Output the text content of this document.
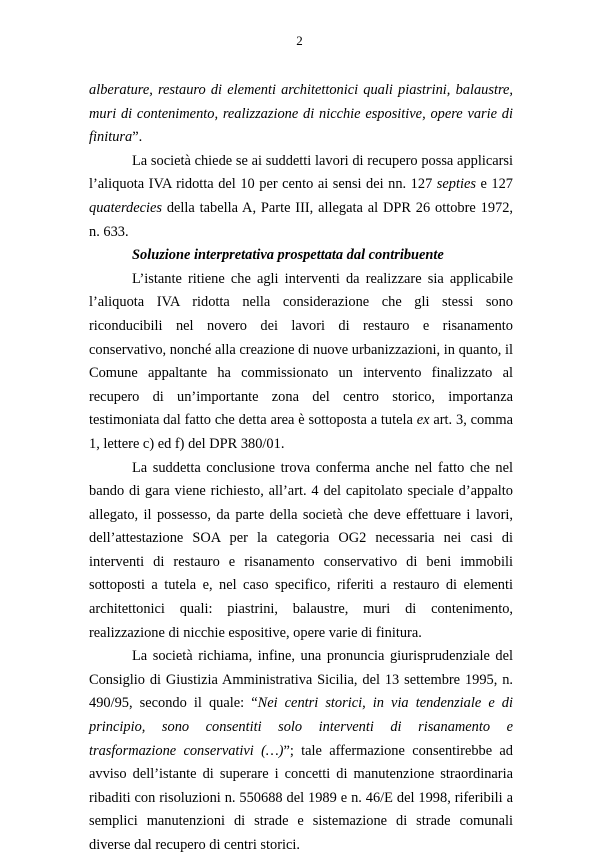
2

alberature, restauro di elementi architettonici quali piastrini, balaustre, muri di contenimento, realizzazione di nicchie espositive, opere varie di finitura”.

La società chiede se ai suddetti lavori di recupero possa applicarsi l’aliquota IVA ridotta del 10 per cento ai sensi dei nn. 127 septies e 127 quaterdecies della tabella A, Parte III, allegata al DPR 26 ottobre 1972, n. 633.

Soluzione interpretativa prospettata dal contribuente

L’istante ritiene che agli interventi da realizzare sia applicabile l’aliquota IVA ridotta nella considerazione che gli stessi sono riconducibili nel novero dei lavori di restauro e risanamento conservativo, nonché alla creazione di nuove urbanizzazioni, in quanto, il Comune appaltante ha commissionato un intervento finalizzato al recupero di un’importante zona del centro storico, importanza testimoniata dal fatto che detta area è sottoposta a tutela ex art. 3, comma 1, lettere c) ed f) del DPR 380/01.

La suddetta conclusione trova conferma anche nel fatto che nel bando di gara viene richiesto, all’art. 4 del capitolato speciale d’appalto allegato, il possesso, da parte della società che deve effettuare i lavori, dell’attestazione SOA per la categoria OG2 necessaria nei casi di interventi di restauro e risanamento conservativo di beni immobili sottoposti a tutela e, nel caso specifico, riferiti a restauro di elementi architettonici quali: piastrini, balaustre, muri di contenimento, realizzazione di nicchie espositive, opere varie di finitura.

La società richiama, infine, una pronuncia giurisprudenziale del Consiglio di Giustizia Amministrativa Sicilia, del 13 settembre 1995, n. 490/95, secondo il quale: “Nei centri storici, in via tendenziale e di principio, sono consentiti solo interventi di risanamento e trasformazione conservativi (…)”; tale affermazione consentirebbe ad avviso dell’istante di superare i concetti di manutenzione straordinaria ribaditi con risoluzioni n. 550688 del 1989 e n. 46/E del 1998, riferibili a semplici manutenzioni di strade e sistemazione di strade comunali diverse dal recupero di centri storici.
